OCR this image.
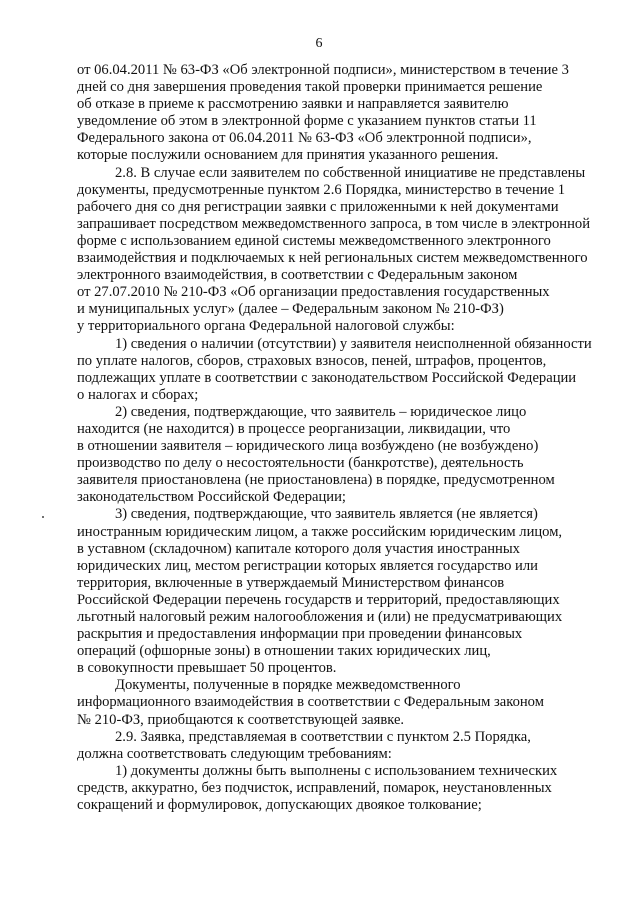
6

от 06.04.2011 № 63-ФЗ «Об электронной подписи», министерством в течение 3
дней со дня завершения проведения такой проверки принимается решение
об отказе в приеме к рассмотрению заявки и направляется заявителю
уведомление об этом в электронной форме с указанием пунктов статьи 11
Федерального закона от 06.04.2011 № 63-ФЗ «Об электронной подписи»,
которые послужили основанием для принятия указанного решения.

2.8. В случае если заявителем по собственной инициативе не представлены
документы, предусмотренные пунктом 2.6 Порядка, министерство в течение 1
рабочего дня со дня регистрации заявки с приложенными к ней документами
запрашивает посредством межведомственного запроса, в том числе в электронной
форме с использованием единой системы межведомственного электронного
взаимодействия и подключаемых к ней региональных систем межведомственного
электронного взаимодействия, в соответствии с Федеральным законом
от 27.07.2010 № 210-ФЗ «Об организации предоставления государственных
и муниципальных услуг» (далее – Федеральным законом № 210-ФЗ)
у территориального органа Федеральной налоговой службы:

1) сведения о наличии (отсутствии) у заявителя неисполненной обязанности
по уплате налогов, сборов, страховых взносов, пеней, штрафов, процентов,
подлежащих уплате в соответствии с законодательством Российской Федерации
о налогах и сборах;

2) сведения, подтверждающие, что заявитель – юридическое лицо
находится (не находится) в процессе реорганизации, ликвидации, что
в отношении заявителя – юридического лица возбуждено (не возбуждено)
производство по делу о несостоятельности (банкротстве), деятельность
заявителя приостановлена (не приостановлена) в порядке, предусмотренном
законодательством Российской Федерации;

3) сведения, подтверждающие, что заявитель является (не является)
иностранным юридическим лицом, а также российским юридическим лицом,
в уставном (складочном) капитале которого доля участия иностранных
юридических лиц, местом регистрации которых является государство или
территория, включенные в утверждаемый Министерством финансов
Российской Федерации перечень государств и территорий, предоставляющих
льготный налоговый режим налогообложения и (или) не предусматривающих
раскрытия и предоставления информации при проведении финансовых
операций (офшорные зоны) в отношении таких юридических лиц,
в совокупности превышает 50 процентов.

Документы, полученные в порядке межведомственного
информационного взаимодействия в соответствии с Федеральным законом
№ 210-ФЗ, приобщаются к соответствующей заявке.

2.9. Заявка, представляемая в соответствии с пунктом 2.5 Порядка,
должна соответствовать следующим требованиям:

1) документы должны быть выполнены с использованием технических
средств, аккуратно, без подчисток, исправлений, помарок, неустановленных
сокращений и формулировок, допускающих двоякое толкование;
